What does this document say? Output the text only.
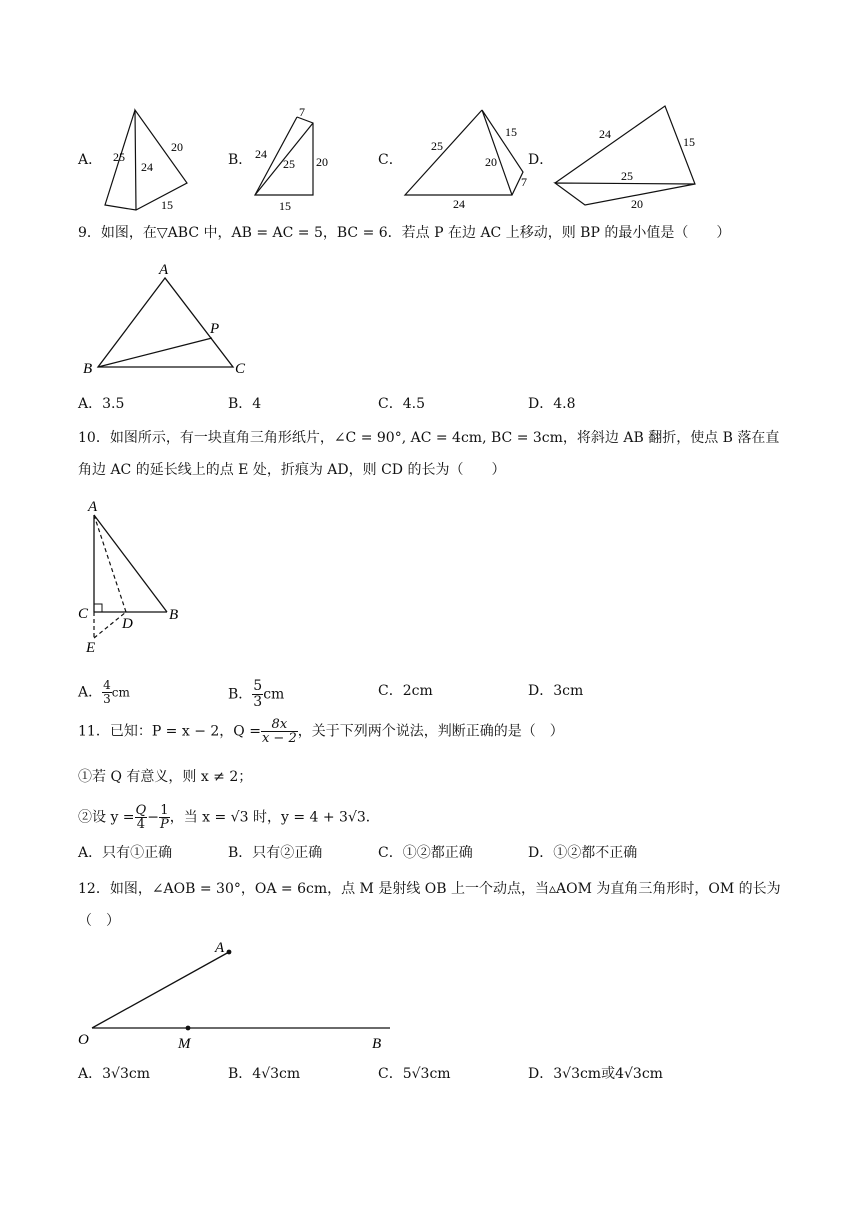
A． 25
24
20
15
B．
7
24
25 20
15
C．
25
15
20
7
24
D．
24
15
25
20
9．如图，在▽ABC 中，AB = AC = 5，BC = 6．若点 P 在边 AC 上移动，则 BP 的最小值是（　　）
A
B	C
P
A．3.5	B．4	C．4.5	D．4.8
10．如图所示，有一块直角三角形纸片，∠C = 90°, AC = 4cm, BC = 3cm，将斜边 AB 翻折，使点 B 落在直
角边 AC 的延长线上的点 E 处，折痕为 AD，则 CD 的长为（　　）
A
C	B
D
E
A． $\frac{4}{3}$ cm	B． $\frac{5}{3}$ cm	C．2cm	D．3cm
11．已知：P = x − 2，$Q = \frac{8x}{x - 2}$ ，关于下列两个说法，判断正确的是（　）
①若 Q 有意义，则 x ≠ 2；
②设 $y = \frac{Q}{4} - \frac{1}{P}$ ，当 x = √3 时，y = 4 + 3√3．
A．只有①正确	B．只有②正确	C．①②都正确	D．①②都不正确
12．如图，∠AOB = 30°，OA = 6cm，点 M 是射线 OB 上一个动点，当▵AOM 为直角三角形时，OM 的长为
（　）
A
O	M	B
A．3√3cm	B．4√3cm	C．5√3cm	D．3√3cm或4√3cm
